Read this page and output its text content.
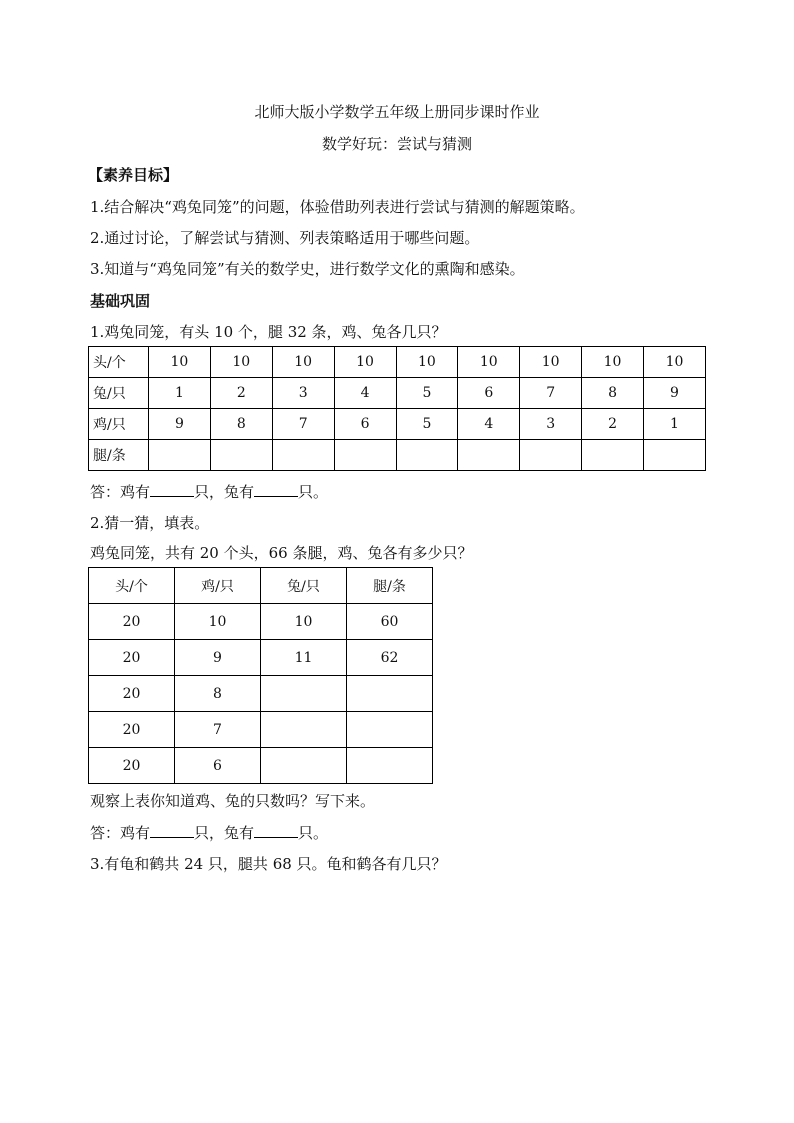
北师大版小学数学五年级上册同步课时作业
数学好玩：尝试与猜测
【素养目标】
1.结合解决“鸡兔同笼”的问题，体验借助列表进行尝试与猜测的解题策略。
2.通过讨论，了解尝试与猜测、列表策略适用于哪些问题。
3.知道与“鸡兔同笼”有关的数学史，进行数学文化的熏陶和感染。
基础巩固
1.鸡兔同笼，有头 10 个，腿 32 条，鸡、兔各几只？
头/个	10	10	10	10	10	10	10	10	10
兔/只	1	2	3	4	5	6	7	8	9
鸡/只	9	8	7	6	5	4	3	2	1
腿/条									
答：鸡有	只，兔有	只。
2.猜一猜，填表。
鸡兔同笼，共有 20 个头，66 条腿，鸡、兔各有多少只？
头/个	鸡/只	兔/只	腿/条
20	10	10	60
20	9	11	62
20	8		
20	7		
20	6		
观察上表你知道鸡、兔的只数吗？写下来。
答：鸡有	只，兔有	只。
3.有龟和鹤共 24 只，腿共 68 只。龟和鹤各有几只？
